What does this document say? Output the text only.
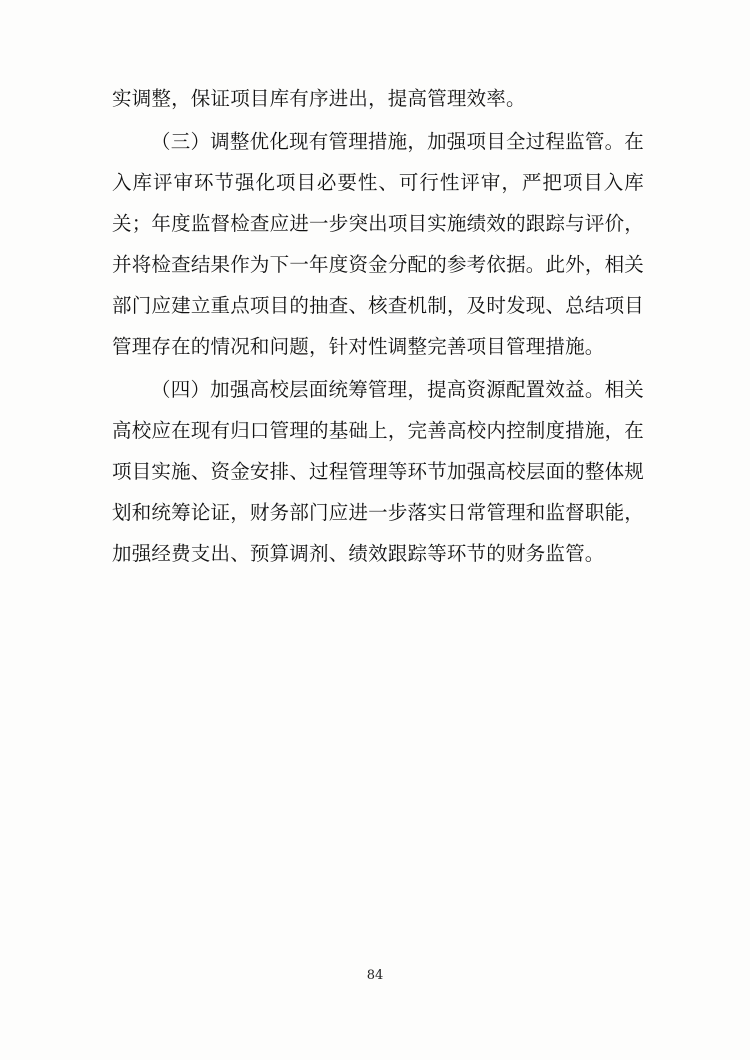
实调整，保证项目库有序进出，提高管理效率。

（三）调整优化现有管理措施，加强项目全过程监管。在入库评审环节强化项目必要性、可行性评审，严把项目入库关；年度监督检查应进一步突出项目实施绩效的跟踪与评价，并将检查结果作为下一年度资金分配的参考依据。此外，相关部门应建立重点项目的抽查、核查机制，及时发现、总结项目管理存在的情况和问题，针对性调整完善项目管理措施。

（四）加强高校层面统筹管理，提高资源配置效益。相关高校应在现有归口管理的基础上，完善高校内控制度措施，在项目实施、资金安排、过程管理等环节加强高校层面的整体规划和统筹论证，财务部门应进一步落实日常管理和监督职能，加强经费支出、预算调剂、绩效跟踪等环节的财务监管。

84
